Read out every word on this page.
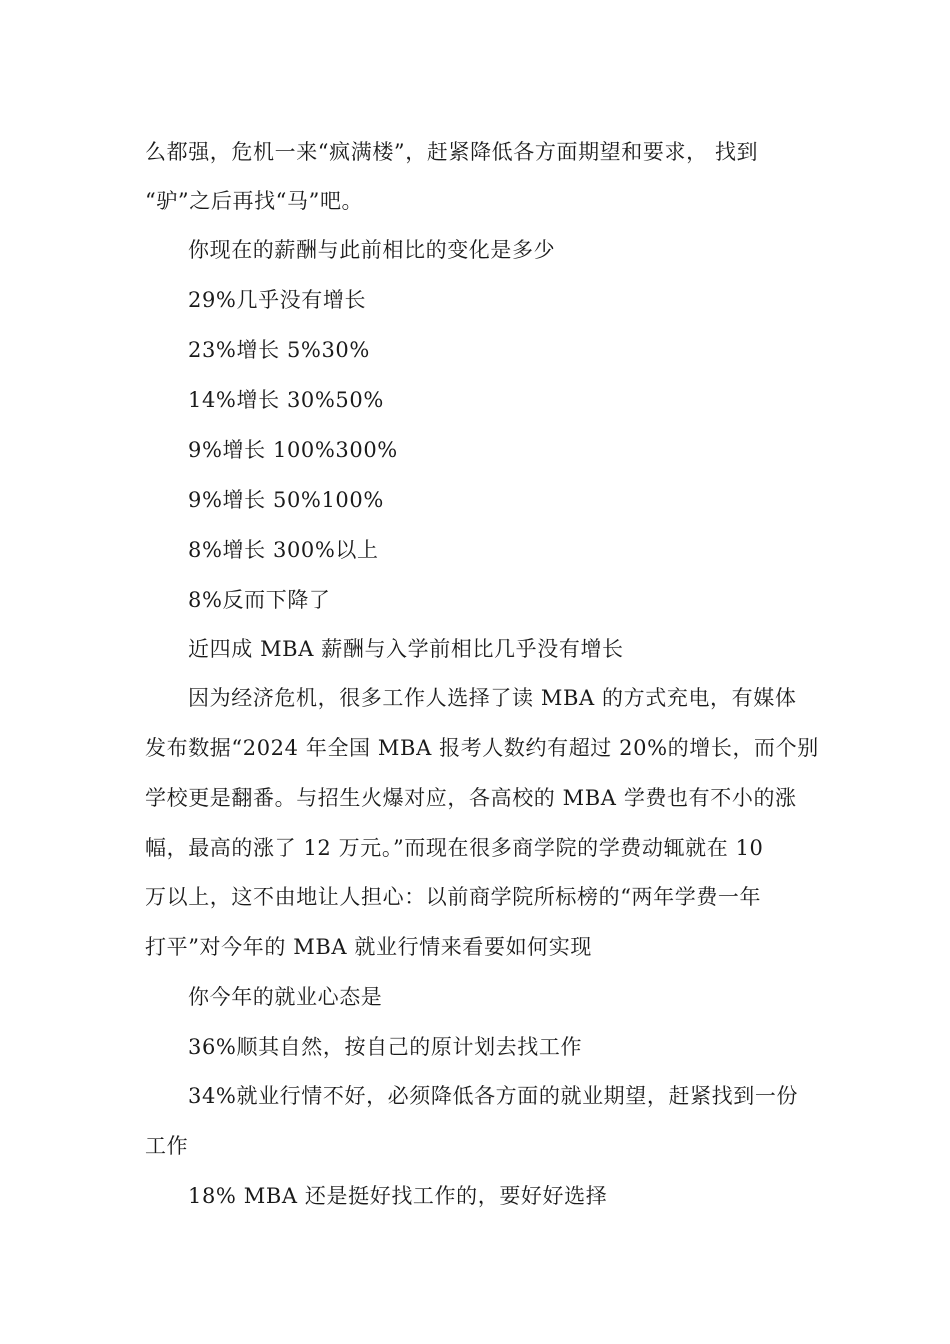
么都强，危机一来“疯满楼”，赶紧降低各方面期望和要求， 找到
“驴”之后再找“马”吧。
你现在的薪酬与此前相比的变化是多少
29%几乎没有增长
23%增长 5%30%
14%增长 30%50%
9%增长 100%300%
9%增长 50%100%
8%增长 300%以上
8%反而下降了
近四成 MBA 薪酬与入学前相比几乎没有增长
因为经济危机，很多工作人选择了读 MBA 的方式充电，有媒体
发布数据“2024 年全国 MBA 报考人数约有超过 20%的增长，而个别
学校更是翻番。与招生火爆对应，各高校的 MBA 学费也有不小的涨
幅，最高的涨了 12 万元。”而现在很多商学院的学费动辄就在 10
万以上，这不由地让人担心：以前商学院所标榜的“两年学费一年
打平”对今年的 MBA 就业行情来看要如何实现
你今年的就业心态是
36%顺其自然，按自己的原计划去找工作
34%就业行情不好，必须降低各方面的就业期望，赶紧找到一份
工作
18% MBA 还是挺好找工作的，要好好选择
